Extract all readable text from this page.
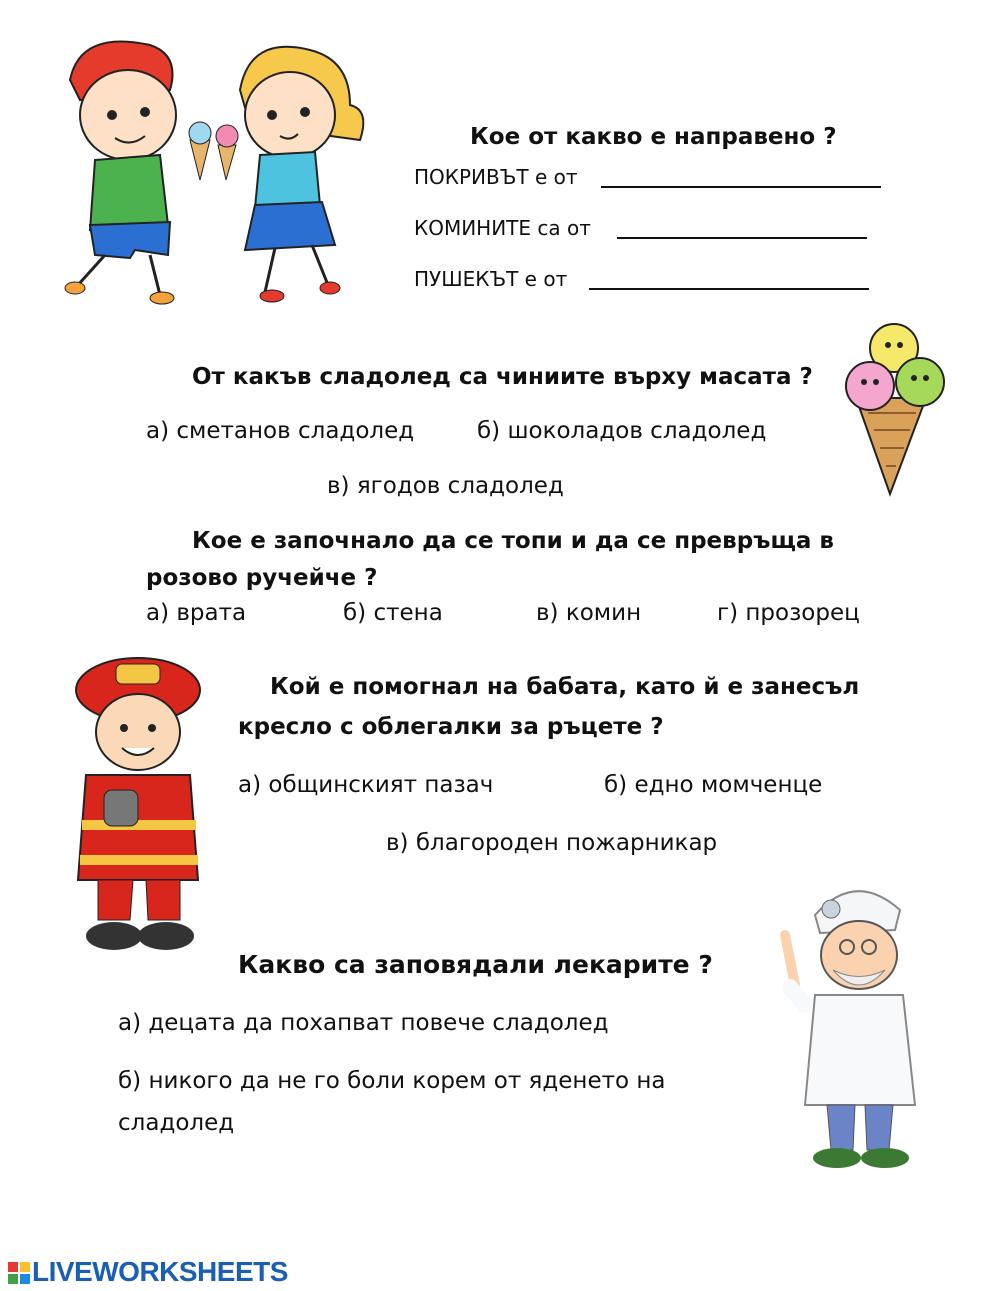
Кое от какво е направено ?
ПОКРИВЪТ е от
КОМИНИТЕ са от
ПУШЕКЪТ е от
От какъв сладолед са чиниите върху масата ?
а) сметанов сладолед	б) шоколадов сладолед
в) ягодов сладолед
Кое е започнало да се топи и да се превръща в
розово ручейче ?
а) врата	б) стена	в) комин	г) прозорец
Кой е помогнал на бабата, като й е занесъл
кресло с облегалки за ръцете ?
а) общинският пазач	б) едно момченце
в) благороден пожарникар
Какво са заповядали лекарите ?
а) децата да похапват повече сладолед
б) никого да не го боли корем от яденето на
сладолед
LIVEWORKSHEETS
